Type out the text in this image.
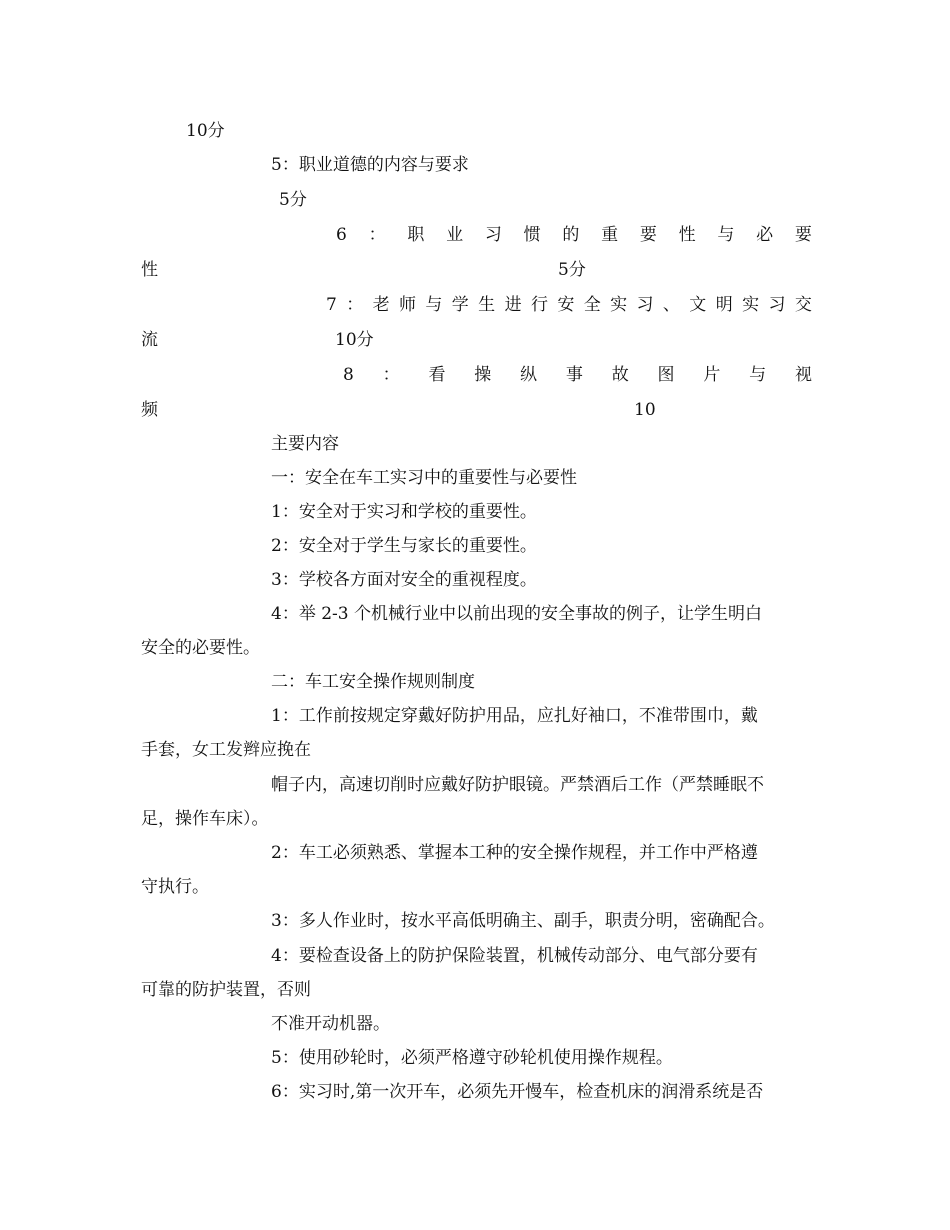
10分
5：职业道德的内容与要求
5分
6 ： 职 业 习 惯 的 重 要 性 与 必 要
性	5分
7 ： 老 师 与 学 生 进 行 安 全 实 习 、 文 明 实 习 交
流	10分
8 ： 看 操 纵 事 故 图 片 与 视
频	10
主要内容
一：安全在车工实习中的重要性与必要性
1：安全对于实习和学校的重要性。
2：安全对于学生与家长的重要性。
3：学校各方面对安全的重视程度。
4：举 2-3 个机械行业中以前出现的安全事故的例子，让学生明白
安全的必要性。
二：车工安全操作规则制度
1：工作前按规定穿戴好防护用品，应扎好袖口，不准带围巾，戴
手套，女工发辫应挽在
帽子内，高速切削时应戴好防护眼镜。严禁酒后工作（严禁睡眠不
足，操作车床）。
2：车工必须熟悉、掌握本工种的安全操作规程，并工作中严格遵
守执行。
3：多人作业时，按水平高低明确主、副手，职责分明，密确配合。
4：要检查设备上的防护保险装置，机械传动部分、电气部分要有
可靠的防护装置，否则
不准开动机器。
5：使用砂轮时，必须严格遵守砂轮机使用操作规程。
6：实习时,第一次开车，必须先开慢车，检查机床的润滑系统是否
